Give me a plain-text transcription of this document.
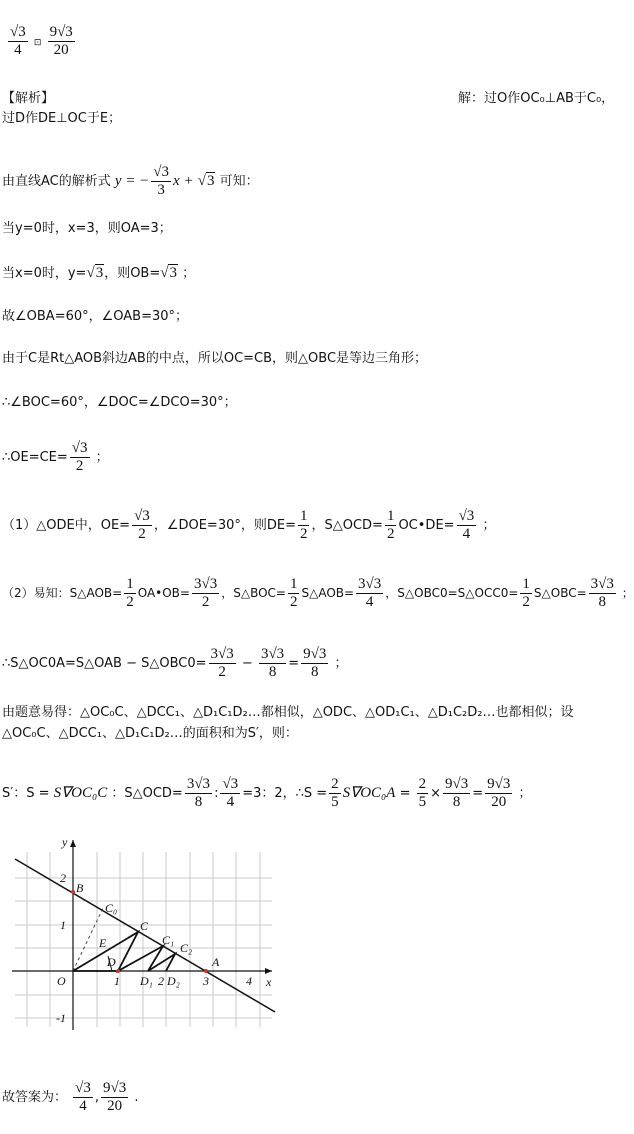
$\frac{√3}{4}$ ⊡ $\frac{9√3}{20}$
【解析】	解：过O作OC₀⊥AB于C₀，
过D作DE⊥OC于E；
由直线AC的解析式 y = − $\frac{√3}{3}$ x + √3 可知：
当y=0时，x=3，则OA=3；
当x=0时，y=√3，则OB=√3 ；
故∠OBA=60°，∠OAB=30°；
由于C是Rt△AOB斜边AB的中点，所以OC=CB，则△OBC是等边三角形；
∴∠BOC=60°，∠DOC=∠DCO=30°；
∴OE=CE= $\frac{√3}{2}$ ；
（1）△ODE中，$OE= \frac{√3}{2}$ ，∠DOE=30°，则$DE= \frac{1}{2}$ ，S△OCD= $\frac{1}{2}$ OC•DE= $\frac{√3}{4}$ ；
（2）易知：S△AOB= $\frac{1}{2}$ OA•OB= $\frac{3√3}{2}$ ，S△BOC= $\frac{1}{2}$ S△AOB= $\frac{3√3}{4}$ ，S△OBC0=S△OCC0= $\frac{1}{2}$ S△OBC= $\frac{3√3}{8}$ ；
∴S△OC0A=S△OAB − S△OBC0= $\frac{3√3}{2} - \frac{3√3}{8} = \frac{9√3}{8}$ ；
由题意易得：△OC₀C、△DCC₁、△D₁C₁D₂…都相似，△ODC、△OD₁C₁、△D₁C₂D₂…也都相似；设
△OC₀C、△DCC₁、△D₁C₁D₂…的面积和为S′，则：
S′：S = S∇OC₀C ：S△OCD= $\frac{3√3}{8}$ : $\frac{√3}{4} =3$：2，∴S = $\frac{2}{5} S\nabla OC_0A = \frac{2}{5} \times \frac{9√3}{8} = \frac{9√3}{20}$ ；
y
x
2
1
-1
1	3	4
O
B
C₀
C
C₁
C₂
E
D
D₁ 2 D₂
A
故答案为： $\frac{√3}{4}$ , $\frac{9√3}{20}$ .
